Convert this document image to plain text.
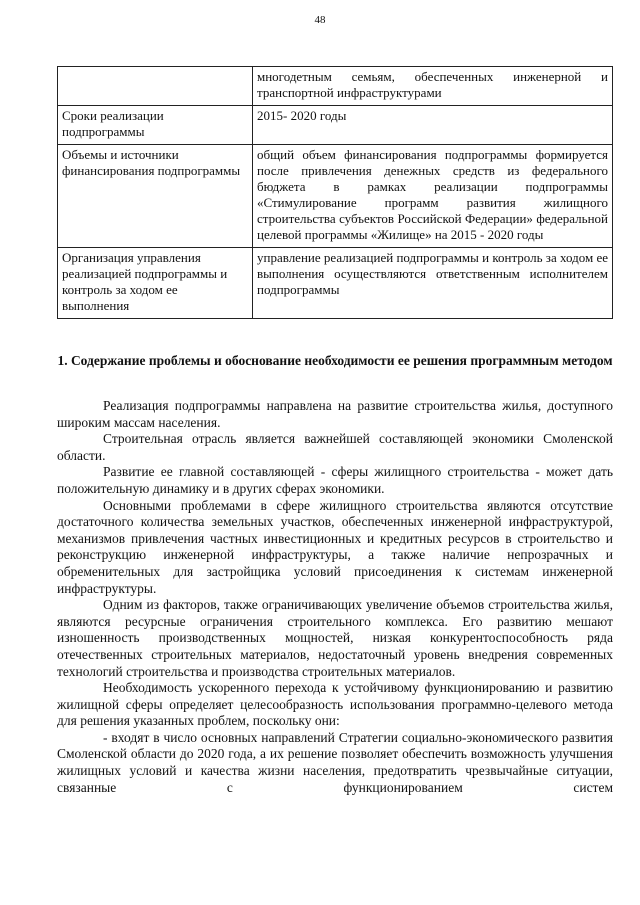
48
	многодетным семьям, обеспеченных инженерной и транспортной инфраструктурами
Сроки реализации подпрограммы	2015- 2020 годы
Объемы и источники финансирования подпрограммы	общий объем финансирования подпрограммы формируется после привлечения денежных средств из федерального бюджета в рамках реализации подпрограммы «Стимулирование программ развития жилищного строительства субъектов Российской Федерации» федеральной целевой программы «Жилище» на 2015 - 2020 годы
Организация управления реализацией подпрограммы и контроль за ходом ее выполнения	управление реализацией подпрограммы и контроль за ходом ее выполнения осуществляются ответственным исполнителем подпрограммы
1. Содержание проблемы и обоснование необходимости ее решения программным методом

Реализация подпрограммы направлена на развитие строительства жилья, доступного широким массам населения.

Строительная отрасль является важнейшей составляющей экономики Смоленской области.

Развитие ее главной составляющей - сферы жилищного строительства - может дать положительную динамику и в других сферах экономики.

Основными проблемами в сфере жилищного строительства являются отсутствие достаточного количества земельных участков, обеспеченных инженерной инфраструктурой, механизмов привлечения частных инвестиционных и кредитных ресурсов в строительство и реконструкцию инженерной инфраструктуры, а также наличие непрозрачных и обременительных для застройщика условий присоединения к системам инженерной инфраструктуры.

Одним из факторов, также ограничивающих увеличение объемов строительства жилья, являются ресурсные ограничения строительного комплекса. Его развитию мешают изношенность производственных мощностей, низкая конкурентоспособность ряда отечественных строительных материалов, недостаточный уровень внедрения современных технологий строительства и производства строительных материалов.

Необходимость ускоренного перехода к устойчивому функционированию и развитию жилищной сферы определяет целесообразность использования программно-целевого метода для решения указанных проблем, поскольку они:

- входят в число основных направлений Стратегии социально-экономического развития Смоленской области до 2020 года, а их решение позволяет обеспечить возможность улучшения жилищных условий и качества жизни населения, предотвратить чрезвычайные ситуации, связанные с функционированием систем
